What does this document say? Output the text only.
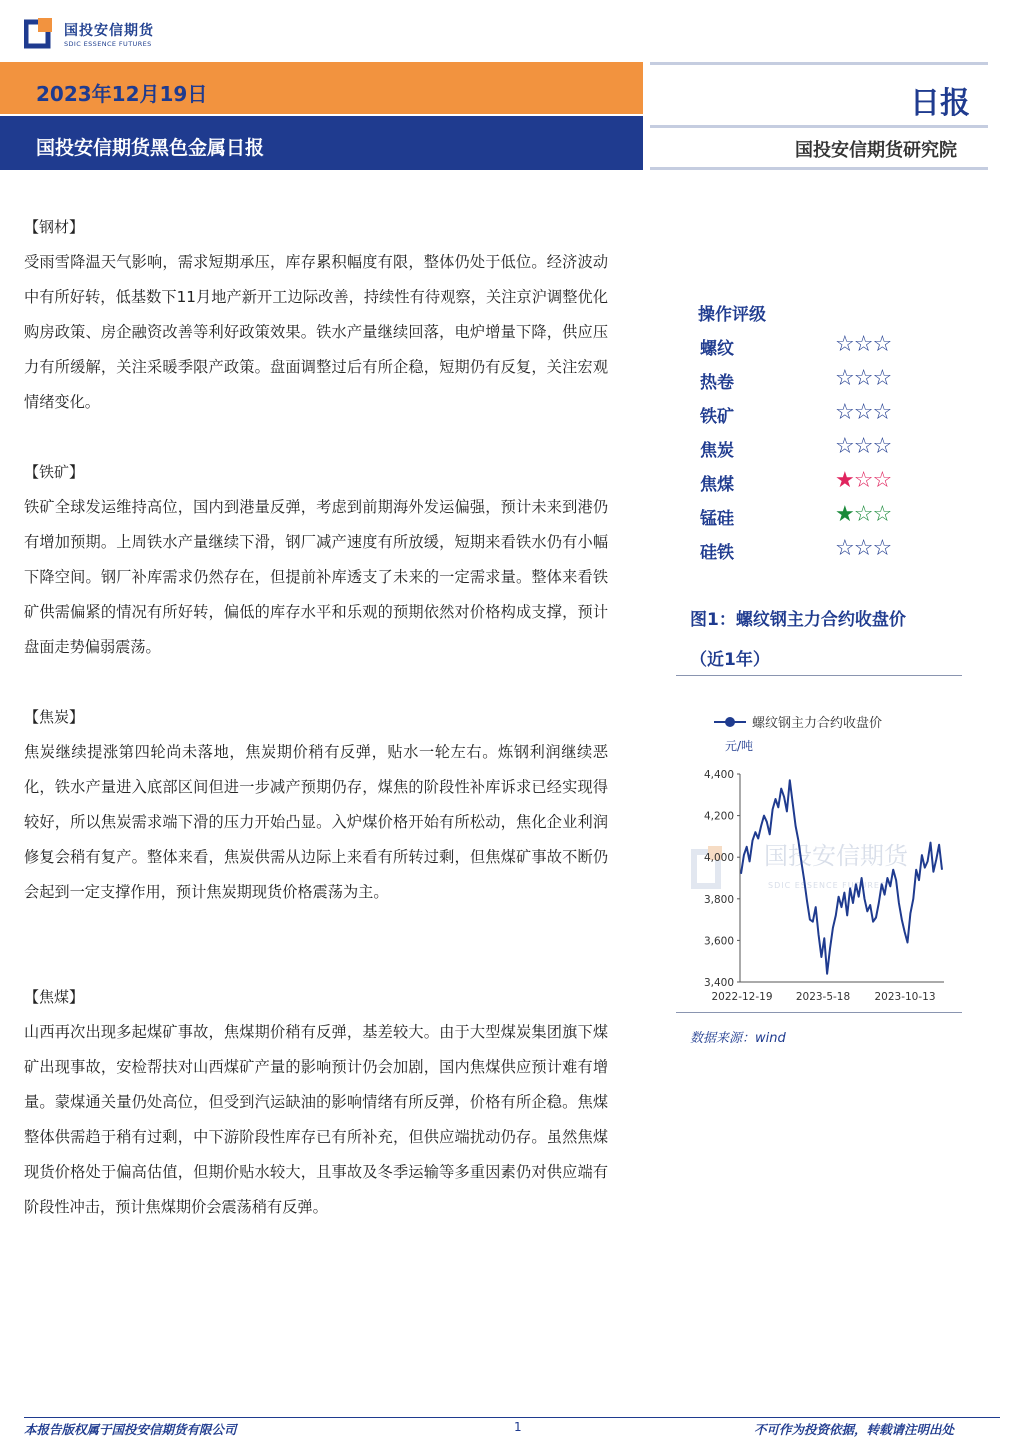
国投安信期货
SDIC ESSENCE FUTURES
2023年12月19日
国投安信期货黑色金属日报
日报
国投安信期货研究院
【钢材】
受雨雪降温天气影响，需求短期承压，库存累积幅度有限，整体仍处于低位。经济波动中有所好转，低基数下11月地产新开工边际改善，持续性有待观察，关注京沪调整优化购房政策、房企融资改善等利好政策效果。铁水产量继续回落，电炉增量下降，供应压力有所缓解，关注采暖季限产政策。盘面调整过后有所企稳，短期仍有反复，关注宏观情绪变化。
【铁矿】
铁矿全球发运维持高位，国内到港量反弹，考虑到前期海外发运偏强，预计未来到港仍有增加预期。上周铁水产量继续下滑，钢厂减产速度有所放缓，短期来看铁水仍有小幅下降空间。钢厂补库需求仍然存在，但提前补库透支了未来的一定需求量。整体来看铁矿供需偏紧的情况有所好转，偏低的库存水平和乐观的预期依然对价格构成支撑，预计盘面走势偏弱震荡。
【焦炭】
焦炭继续提涨第四轮尚未落地，焦炭期价稍有反弹，贴水一轮左右。炼钢利润继续恶化，铁水产量进入底部区间但进一步减产预期仍存，煤焦的阶段性补库诉求已经实现得较好，所以焦炭需求端下滑的压力开始凸显。入炉煤价格开始有所松动，焦化企业利润修复会稍有复产。整体来看，焦炭供需从边际上来看有所转过剩，但焦煤矿事故不断仍会起到一定支撑作用，预计焦炭期现货价格震荡为主。
【焦煤】
山西再次出现多起煤矿事故，焦煤期价稍有反弹，基差较大。由于大型煤炭集团旗下煤矿出现事故，安检帮扶对山西煤矿产量的影响预计仍会加剧，国内焦煤供应预计难有增量。蒙煤通关量仍处高位，但受到汽运缺油的影响情绪有所反弹，价格有所企稳。焦煤整体供需趋于稍有过剩，中下游阶段性库存已有所补充，但供应端扰动仍存。虽然焦煤现货价格处于偏高估值，但期价贴水较大，且事故及冬季运输等多重因素仍对供应端有阶段性冲击，预计焦煤期价会震荡稍有反弹。
操作评级
螺纹	☆☆☆
热卷	☆☆☆
铁矿	☆☆☆
焦炭	☆☆☆
焦煤	★☆☆
锰硅	★☆☆
硅铁	☆☆☆
图1：螺纹钢主力合约收盘价
（近1年）
国投安信期货
SDIC ESSENCE FUTURES
螺纹钢主力合约收盘价
元/吨
3,400
3,600
3,800
4,000
4,200
4,400
2022-12-19 2023-5-18 2023-10-13
数据来源：wind
本报告版权属于国投安信期货有限公司	1	不可作为投资依据，转载请注明出处
